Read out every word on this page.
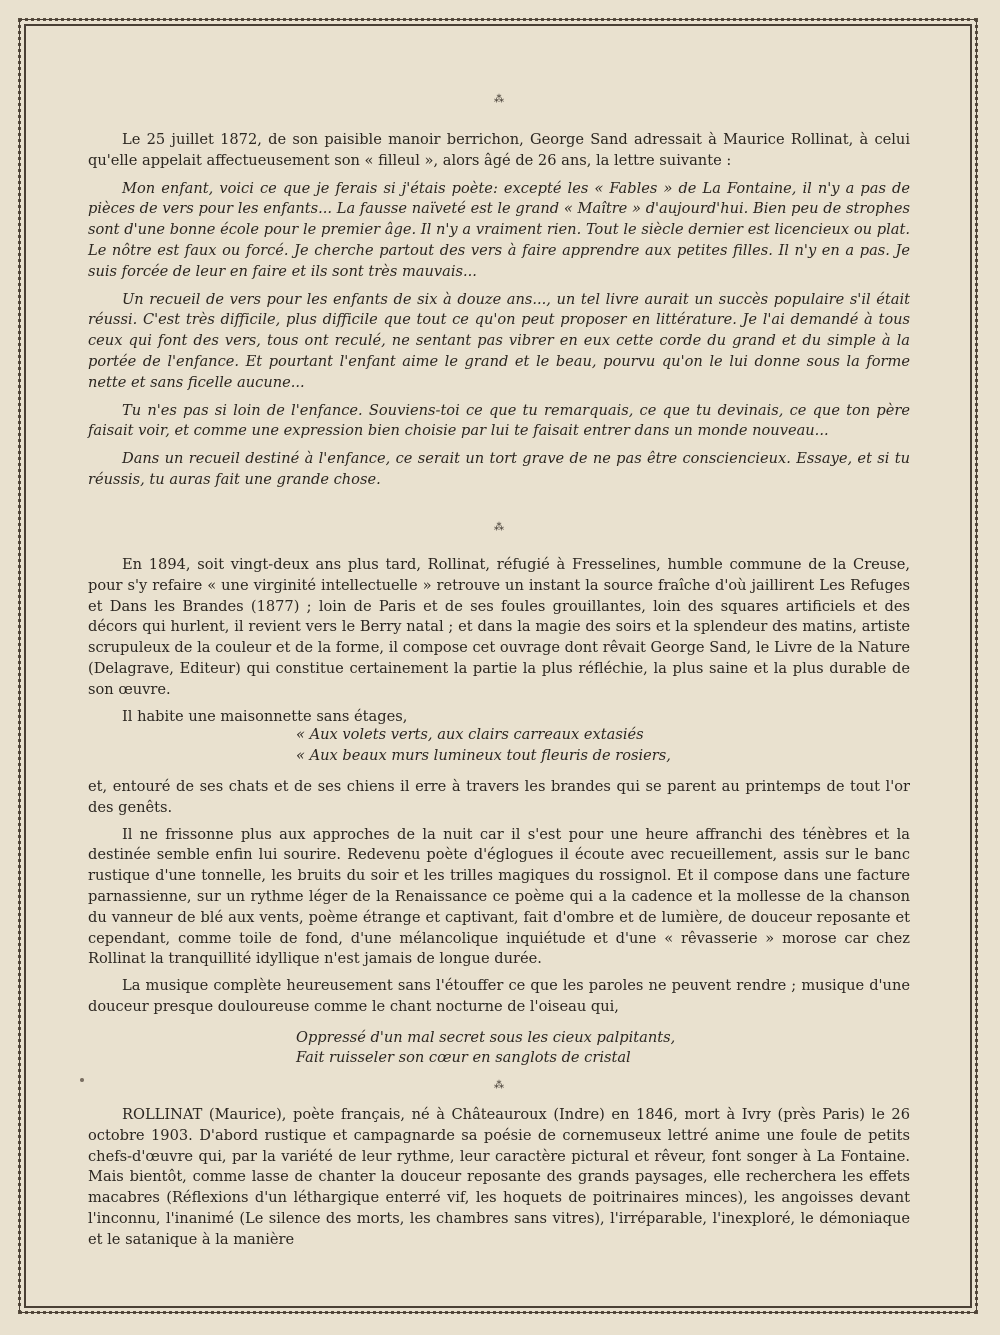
⁂

Le 25 juillet 1872, de son paisible manoir berrichon, George Sand adressait à Maurice Rollinat, à celui qu'elle appelait affectueusement son « filleul », alors âgé de 26 ans, la lettre suivante :

Mon enfant, voici ce que je ferais si j'étais poète: excepté les « Fables » de La Fontaine, il n'y a pas de pièces de vers pour les enfants... La fausse naïveté est le grand « Maître » d'aujourd'hui. Bien peu de strophes sont d'une bonne école pour le premier âge. Il n'y a vraiment rien. Tout le siècle dernier est licencieux ou plat. Le nôtre est faux ou forcé. Je cherche partout des vers à faire apprendre aux petites filles. Il n'y en a pas. Je suis forcée de leur en faire et ils sont très mauvais...

Un recueil de vers pour les enfants de six à douze ans..., un tel livre aurait un succès populaire s'il était réussi. C'est très difficile, plus difficile que tout ce qu'on peut proposer en littérature. Je l'ai demandé à tous ceux qui font des vers, tous ont reculé, ne sentant pas vibrer en eux cette corde du grand et du simple à la portée de l'enfance. Et pourtant l'enfant aime le grand et le beau, pourvu qu'on le lui donne sous la forme nette et sans ficelle aucune...

Tu n'es pas si loin de l'enfance. Souviens-toi ce que tu remarquais, ce que tu devinais, ce que ton père faisait voir, et comme une expression bien choisie par lui te faisait entrer dans un monde nouveau...

Dans un recueil destiné à l'enfance, ce serait un tort grave de ne pas être consciencieux. Essaye, et si tu réussis, tu auras fait une grande chose.

⁂

En 1894, soit vingt-deux ans plus tard, Rollinat, réfugié à Fresselines, humble commune de la Creuse, pour s'y refaire « une virginité intellectuelle » retrouve un instant la source fraîche d'où jaillirent Les Refuges et Dans les Brandes (1877) ; loin de Paris et de ses foules grouillantes, loin des squares artificiels et des décors qui hurlent, il revient vers le Berry natal ; et dans la magie des soirs et la splendeur des matins, artiste scrupuleux de la couleur et de la forme, il compose cet ouvrage dont rêvait George Sand, le Livre de la Nature (Delagrave, Editeur) qui constitue certainement la partie la plus réfléchie, la plus saine et la plus durable de son œuvre.

Il habite une maisonnette sans étages,

« Aux volets verts, aux clairs carreaux extasiés
« Aux beaux murs lumineux tout fleuris de rosiers,

et, entouré de ses chats et de ses chiens il erre à travers les brandes qui se parent au printemps de tout l'or des genêts.

Il ne frissonne plus aux approches de la nuit car il s'est pour une heure affranchi des ténèbres et la destinée semble enfin lui sourire. Redevenu poète d'églogues il écoute avec recueillement, assis sur le banc rustique d'une tonnelle, les bruits du soir et les trilles magiques du rossignol. Et il compose dans une facture parnassienne, sur un rythme léger de la Renaissance ce poème qui a la cadence et la mollesse de la chanson du vanneur de blé aux vents, poème étrange et captivant, fait d'ombre et de lumière, de douceur reposante et cependant, comme toile de fond, d'une mélancolique inquiétude et d'une « rêvasserie » morose car chez Rollinat la tranquillité idyllique n'est jamais de longue durée.

La musique complète heureusement sans l'étouffer ce que les paroles ne peuvent rendre ; musique d'une douceur presque douloureuse comme le chant nocturne de l'oiseau qui,

Oppressé d'un mal secret sous les cieux palpitants,
Fait ruisseler son cœur en sanglots de cristal
⁂

ROLLINAT (Maurice), poète français, né à Châteauroux (Indre) en 1846, mort à Ivry (près Paris) le 26 octobre 1903. D'abord rustique et campagnarde sa poésie de cornemuseux lettré anime une foule de petits chefs-d'œuvre qui, par la variété de leur rythme, leur caractère pictural et rêveur, font songer à La Fontaine. Mais bientôt, comme lasse de chanter la douceur reposante des grands paysages, elle recherchera les effets macabres (Réflexions d'un léthargique enterré vif, les hoquets de poitrinaires minces), les angoisses devant l'inconnu, l'inanimé (Le silence des morts, les chambres sans vitres), l'irréparable, l'inexploré, le démoniaque et le satanique à la manière
